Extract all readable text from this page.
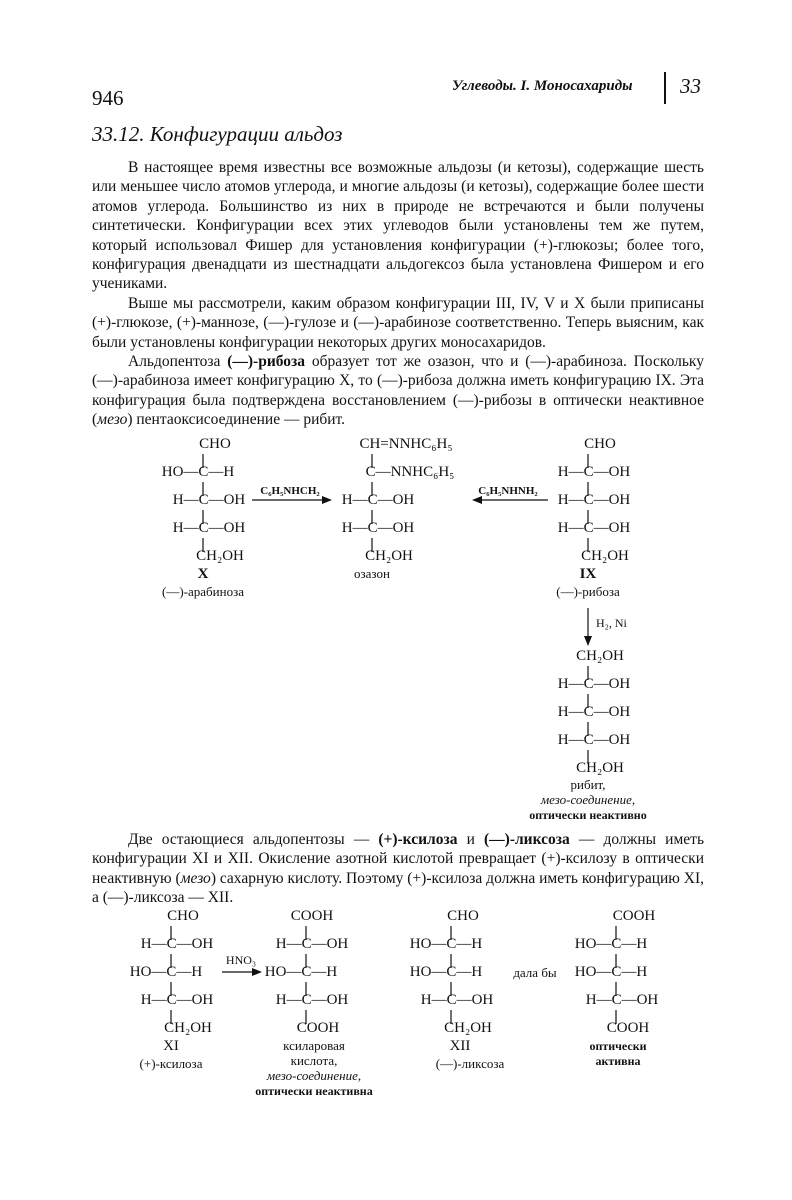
946	Углеводы. I. Моносахариды 33
33.12. Конфигурации альдоз

В настоящее время известны все возможные альдозы (и кетозы), содержащие шесть или меньшее число атомов углерода, и многие альдозы (и кетозы), содержащие более шести атомов углерода. Большинство из них в природе не встречаются и были получены синтетически. Конфигурации всех этих углеводов были установлены тем же путем, который использовал Фишер для установления конфигурации (+)-глюкозы; более того, конфигурация двенадцати из шестнадцати альдогексоз была установлена Фишером и его учениками.

Выше мы рассмотрели, каким образом конфигурации III, IV, V и X были приписаны (+)-глюкозе, (+)-маннозе, (—)-гулозе и (—)-арабинозе соответственно. Теперь выясним, как были установлены конфигурации некоторых других моносахаридов.

Альдопентоза (—)-рибоза образует тот же озазон, что и (—)-арабиноза. Поскольку (—)-арабиноза имеет конфигурацию X, то (—)-рибоза должна иметь конфигурацию IX. Эта конфигурация была подтверждена восстановлением (—)-рибозы в оптически неактивное (мезо) пентаоксисоединение — рибит.

CHO
HO—C—H
H—C—OH
H—C—OH
CH₂OH
X
(—)-арабиноза
C₆H₅NHCH₂
CH=NNHC₆H₅
C—NNHC₆H₅
H—C—OH
H—C—OH
CH₂OH
озазон
C₆H₅NHNH₂
CHO
H—C—OH
H—C—OH
H—C—OH
CH₂OH
IX
(—)-рибоза
H₂, Ni
CH₂OH
H—C—OH
H—C—OH
H—C—OH
CH₂OH
рибит,
мезо-соединение,
оптически неактивно

Две остающиеся альдопентозы — (+)-ксилоза и (—)-ликсоза — должны иметь конфигурации XI и XII. Окисление азотной кислотой превращает (+)-ксилозу в оптически неактивную (мезо) сахарную кислоту. Поэтому (+)-ксилоза должна иметь конфигурацию XI, а (—)-ликсоза — XII.

CHO
H—C—OH
HO—C—H
H—C—OH
CH₂OH
XI
(+)-ксилоза
HNO₃
COOH
H—C—OH
HO—C—H
H—C—OH
COOH
ксиларовая
кислота,
мезо-соединение,
оптически неактивна
CHO
HO—C—H
HO—C—H
H—C—OH
CH₂OH
XII
(—)-ликсоза
дала бы
COOH
HO—C—H
HO—C—H
H—C—OH
COOH
оптически
активна
